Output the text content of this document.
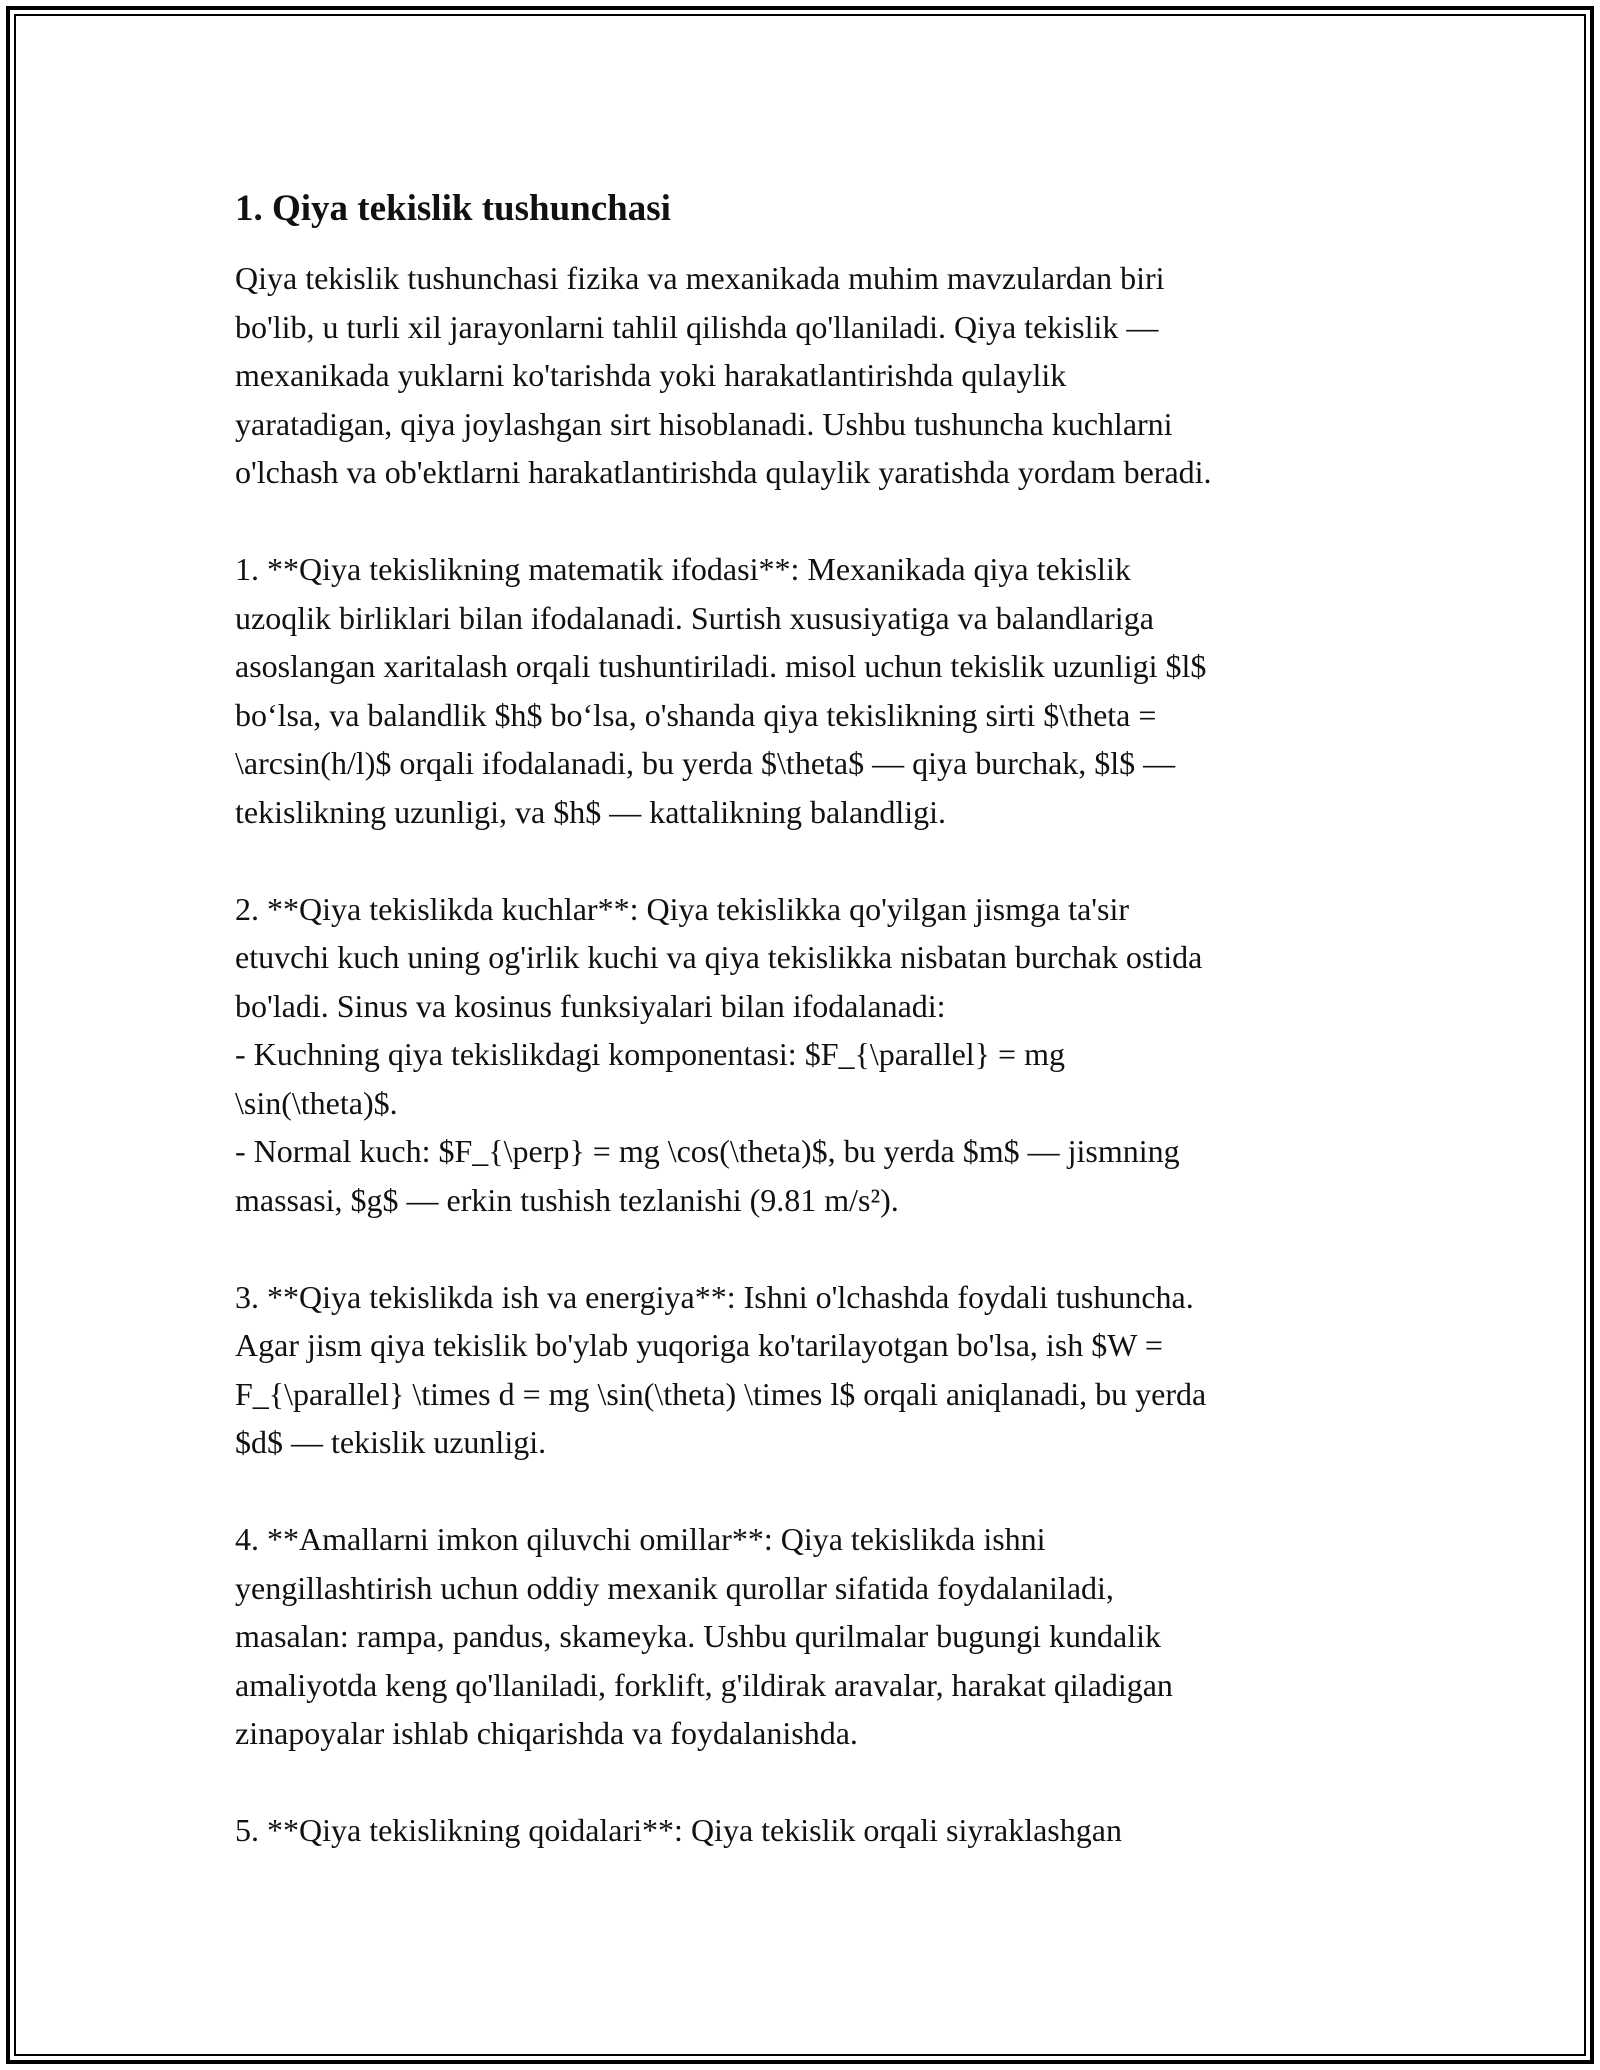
1. Qiya tekislik tushunchasi

Qiya tekislik tushunchasi fizika va mexanikada muhim mavzulardan biri
bo'lib, u turli xil jarayonlarni tahlil qilishda qo'llaniladi. Qiya tekislik —
mexanikada yuklarni ko'tarishda yoki harakatlantirishda qulaylik
yaratadigan, qiya joylashgan sirt hisoblanadi. Ushbu tushuncha kuchlarni
o'lchash va ob'ektlarni harakatlantirishda qulaylik yaratishda yordam beradi.

1. **Qiya tekislikning matematik ifodasi**: Mexanikada qiya tekislik
uzoqlik birliklari bilan ifodalanadi. Surtish xususiyatiga va balandlariga
asoslangan xaritalash orqali tushuntiriladi. misol uchun tekislik uzunligi $l$
bo‘lsa, va balandlik $h$ bo‘lsa, o'shanda qiya tekislikning sirti $\theta =
\arcsin(h/l)$ orqali ifodalanadi, bu yerda $\theta$ — qiya burchak, $l$ —
tekislikning uzunligi, va $h$ — kattalikning balandligi.

2. **Qiya tekislikda kuchlar**: Qiya tekislikka qo'yilgan jismga ta'sir
etuvchi kuch uning og'irlik kuchi va qiya tekislikka nisbatan burchak ostida
bo'ladi. Sinus va kosinus funksiyalari bilan ifodalanadi:
- Kuchning qiya tekislikdagi komponentasi: $F_{\parallel} = mg
\sin(\theta)$.
- Normal kuch: $F_{\perp} = mg \cos(\theta)$, bu yerda $m$ — jismning
massasi, $g$ — erkin tushish tezlanishi (9.81 m/s²).

3. **Qiya tekislikda ish va energiya**: Ishni o'lchashda foydali tushuncha.
Agar jism qiya tekislik bo'ylab yuqoriga ko'tarilayotgan bo'lsa, ish $W =
F_{\parallel} \times d = mg \sin(\theta) \times l$ orqali aniqlanadi, bu yerda
$d$ — tekislik uzunligi.

4. **Amallarni imkon qiluvchi omillar**: Qiya tekislikda ishni
yengillashtirish uchun oddiy mexanik qurollar sifatida foydalaniladi,
masalan: rampa, pandus, skameyka. Ushbu qurilmalar bugungi kundalik
amaliyotda keng qo'llaniladi, forklift, g'ildirak aravalar, harakat qiladigan
zinapoyalar ishlab chiqarishda va foydalanishda.

5. **Qiya tekislikning qoidalari**: Qiya tekislik orqali siyraklashgan
